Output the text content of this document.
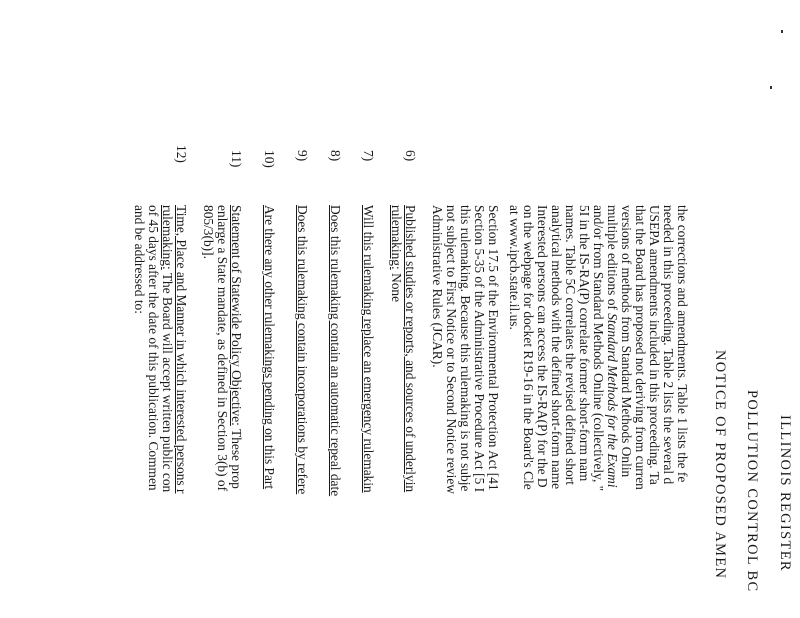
ILLINOIS REGISTER
POLLUTION CONTROL BC
NOTICE OF PROPOSED AMEN
the corrections and amendments. Table 1 lists the fe
needed in this proceeding. Table 2 lists the several d
USEPA amendments included in this proceeding. Ta
that the Board has proposed not deriving from curren
versions of methods from Standard Methods Onlin
multiple editions of Standard Methods for the Exami
and/or from Standard Methods Online (collectively, "
5I in the IS-RA(P) correlate former short-form nam
names. Table 5C correlates the revised defined short
analytical methods with the defined short-form name
Interested persons can access the IS-RA(P) for the D
on the webpage for docket R19-16 in the Board's Cle
at www.ipcb.state.il.us.
Section 17.5 of the Environmental Protection Act [41
Section 5-35 of the Administrative Procedure Act [5 I
this rulemaking. Because this rulemaking is not subje
not subject to First Notice or to Second Notice review
Administrative Rules (JCAR).
6)
Published studies or reports, and sources of underlyin
rulemaking: None
7)
Will this rulemaking replace an emergency rulemakin
8)
Does this rulemaking contain an automatic repeal date
9)
Does this rulemaking contain incorporations by refere
10)
Are there any other rulemakings pending on this Part
11)
Statement of Statewide Policy Objective: These prop
enlarge a State mandate, as defined in Section 3(b) of
805/3(b)].
12)
Time, Place and Manner in which interested persons r
rulemaking: The Board will accept written public con
of 45 days after the date of this publication. Commen
and be addressed to:
